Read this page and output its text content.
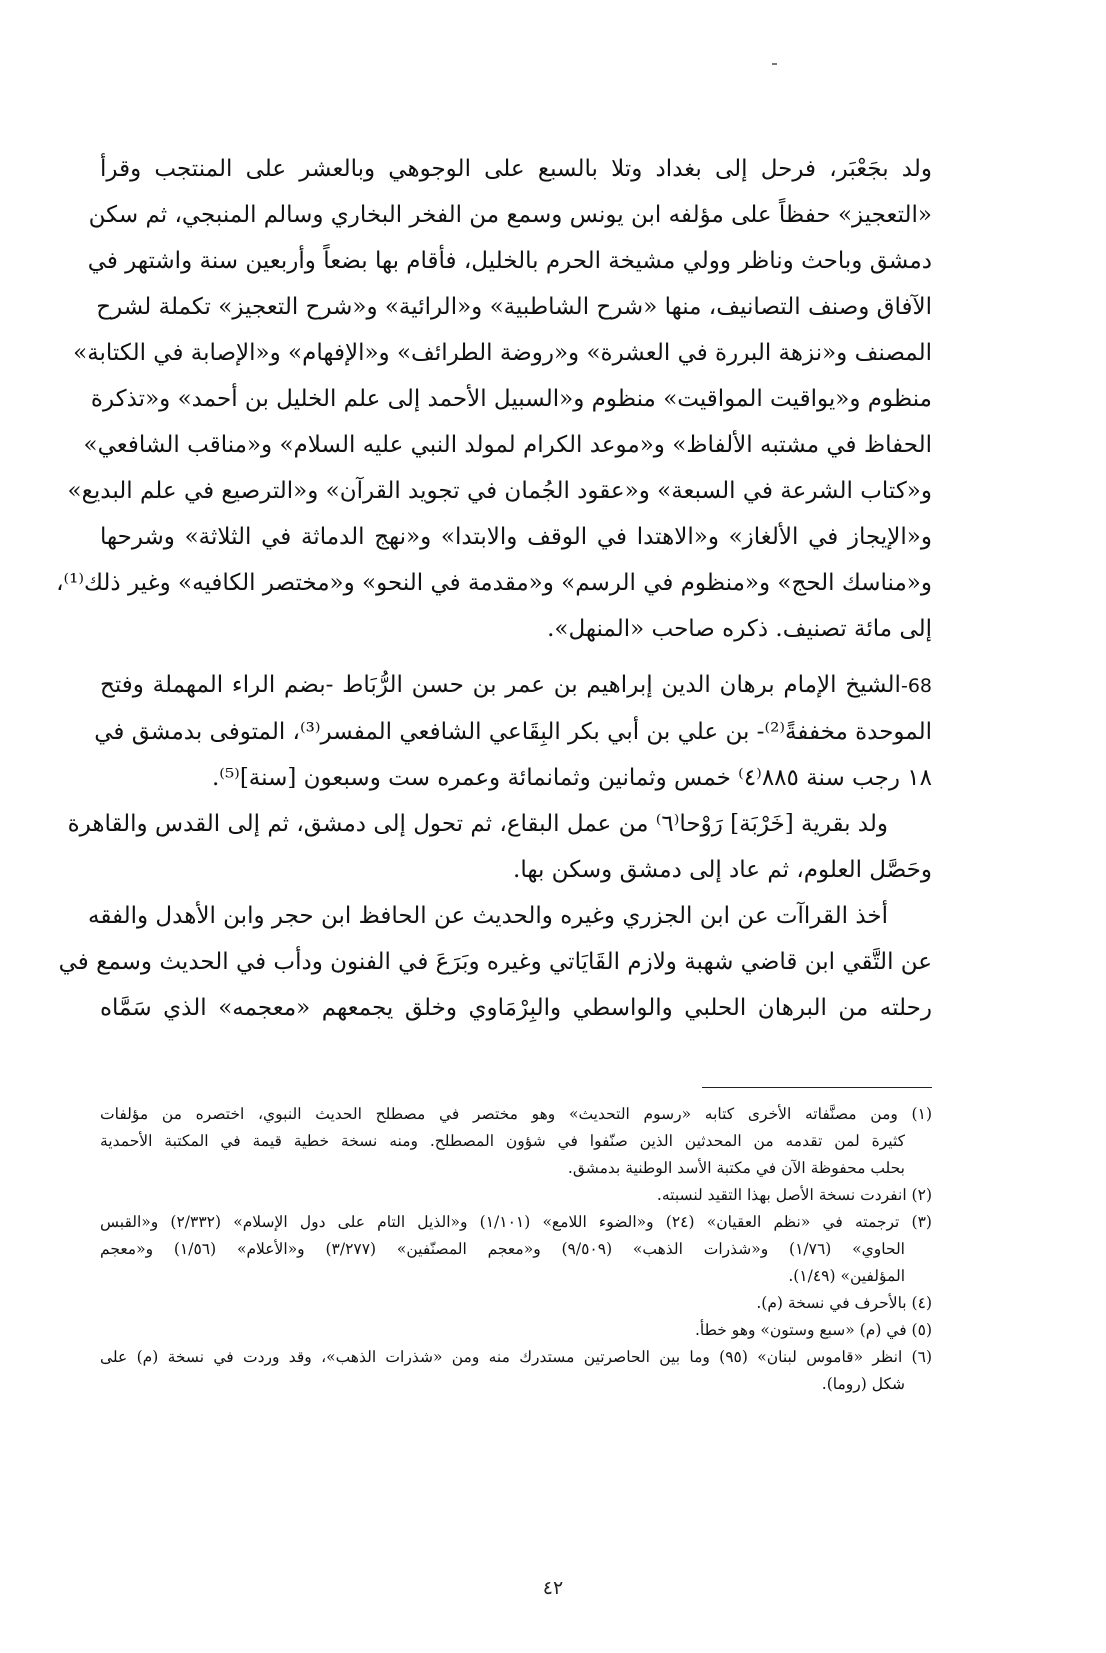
ولد بجَعْبَر، فرحل إلى بغداد وتلا بالسبع على الوجوهي وبالعشر على المنتجب وقرأ
«التعجيز» حفظاً على مؤلفه ابن يونس وسمع من الفخر البخاري وسالم المنبجي، ثم سكن
دمشق وباحث وناظر وولي مشيخة الحرم بالخليل، فأقام بها بضعاً وأربعين سنة واشتهر في
الآفاق وصنف التصانيف، منها «شرح الشاطبية» و«الرائية» و«شرح التعجيز» تكملة لشرح
المصنف و«نزهة البررة في العشرة» و«روضة الطرائف» و«الإفهام» و«الإصابة في الكتابة»
منظوم و«يواقيت المواقيت» منظوم و«السبيل الأحمد إلى علم الخليل بن أحمد» و«تذكرة
الحفاظ في مشتبه الألفاظ» و«موعد الكرام لمولد النبي عليه السلام» و«مناقب الشافعي»
و«كتاب الشرعة في السبعة» و«عقود الجُمان في تجويد القرآن» و«الترصيع في علم البديع»
و«الإيجاز في الألغاز» و«الاهتدا في الوقف والابتدا» و«نهج الدماثة في الثلاثة» وشرحها
و«مناسك الحج» و«منظوم في الرسم» و«مقدمة في النحو» و«مختصر الكافيه» وغير ذلك⁽¹⁾،
إلى مائة تصنيف. ذكره صاحب «المنهل».
68-الشيخ الإمام برهان الدين إبراهيم بن عمر بن حسن الرُّبَاط -بضم الراء المهملة وفتح
الموحدة مخففةً⁽²⁾- بن علي بن أبي بكر البِقَاعي الشافعي المفسر⁽³⁾، المتوفى بدمشق في
١٨ رجب سنة ٨٨٥⁽٤⁾ خمس وثمانين وثمانمائة وعمره ست وسبعون [سنة]⁽⁵⁾.
ولد بقرية [خَرْبَة] رَوْحا⁽٦⁾ من عمل البقاع، ثم تحول إلى دمشق، ثم إلى القدس والقاهرة
وحَصَّل العلوم، ثم عاد إلى دمشق وسكن بها.
أخذ القراآت عن ابن الجزري وغيره والحديث عن الحافظ ابن حجر وابن الأهدل والفقه
عن التَّقي ابن قاضي شهبة ولازم القَايَاتي وغيره وبَرَعَ في الفنون ودأب في الحديث وسمع في
رحلته من البرهان الحلبي والواسطي والبِرْمَاوي وخلق يجمعهم «معجمه» الذي سَمَّاه
(١) ومن مصنَّفاته الأخرى كتابه «رسوم التحديث» وهو مختصر في مصطلح الحديث النبوي، اختصره من مؤلفات
كثيرة لمن تقدمه من المحدثين الذين صنّفوا في شؤون المصطلح. ومنه نسخة خطية قيمة في المكتبة الأحمدية
بحلب محفوظة الآن في مكتبة الأسد الوطنية بدمشق.
(٢) انفردت نسخة الأصل بهذا التقيد لنسبته.
(٣) ترجمته في «نظم العقيان» (٢٤) و«الضوء اللامع» (١/١٠١) و«الذيل التام على دول الإسلام» (٢/٣٣٢) و«القبس
الحاوي» (١/٧٦) و«شذرات الذهب» (٩/٥٠٩) و«معجم المصنّفين» (٣/٢٧٧) و«الأعلام» (١/٥٦) و«معجم
المؤلفين» (١/٤٩).
(٤) بالأحرف في نسخة (م).
(٥) في (م) «سبع وستون» وهو خطأ.
(٦) انظر «قاموس لبنان» (٩٥) وما بين الحاصرتين مستدرك منه ومن «شذرات الذهب»، وقد وردت في نسخة (م) على
شكل (روما).
٤٢
